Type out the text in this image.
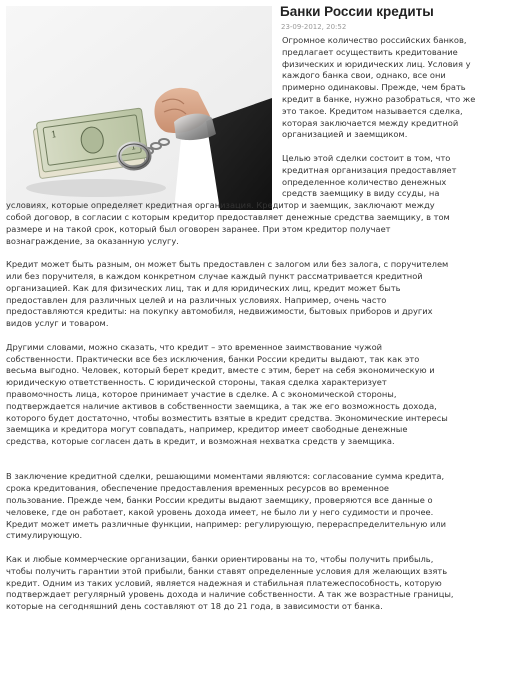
1
1
Банки России кредиты
23-09-2012, 20:52
Огромное количество российских банков,
предлагает осуществить кредитование
физических и юридических лиц. Условия у
каждого банка свои, однако, все они
примерно одинаковы. Прежде, чем брать
кредит в банке, нужно разобраться, что же
это такое. Кредитом называется сделка,
которая заключается между кредитной
организацией и заемщиком.
Целью этой сделки состоит в том, что
кредитная организация предоставляет
определенное количество денежных
средств заемщику в виду ссуды, на
условиях, которые определяет кредитная организация. Кредитор и заемщик, заключают между
собой договор, в согласии с которым кредитор предоставляет денежные средства заемщику, в том
размере и на такой срок, который был оговорен заранее. При этом кредитор получает
вознаграждение, за оказанную услугу.
Кредит может быть разным, он может быть предоставлен с залогом или без залога, с поручителем
или без поручителя, в каждом конкретном случае каждый пункт рассматривается кредитной
организацией. Как для физических лиц, так и для юридических лиц, кредит может быть
предоставлен для различных целей и на различных условиях. Например, очень часто
предоставляются кредиты: на покупку автомобиля, недвижимости, бытовых приборов и других
видов услуг и товаром.
Другими словами, можно сказать, что кредит – это временное заимствование чужой
собственности. Практически все без исключения, банки России кредиты выдают, так как это
весьма выгодно. Человек, который берет кредит, вместе с этим, берет на себя экономическую и
юридическую ответственность. С юридической стороны, такая сделка характеризует
правомочность лица, которое принимает участие в сделке. А с экономической стороны,
подтверждается наличие активов в собственности заемщика, а так же его возможность дохода,
которого будет достаточно, чтобы возместить взятые в кредит средства. Экономические интересы
заемщика и кредитора могут совпадать, например, кредитор имеет свободные денежные
средства, которые согласен дать в кредит, и возможная нехватка средств у заемщика.
В заключение кредитной сделки, решающими моментами являются: согласование сумма кредита,
срока кредитования, обеспечение предоставления временных ресурсов во временное
пользование. Прежде чем, банки России кредиты выдают заемщику, проверяются все данные о
человеке, где он работает, какой уровень дохода имеет, не было ли у него судимости и прочее.
Кредит может иметь различные функции, например: регулирующую, перераспределительную или
стимулирующую.
Как и любые коммерческие организации, банки ориентированы на то, чтобы получить прибыль,
чтобы получить гарантии этой прибыли, банки ставят определенные условия для желающих взять
кредит. Одним из таких условий, является надежная и стабильная платежеспособность, которую
подтверждает регулярный уровень дохода и наличие собственности. А так же возрастные границы,
которые на сегодняшний день составляют от 18 до 21 года, в зависимости от банка.
